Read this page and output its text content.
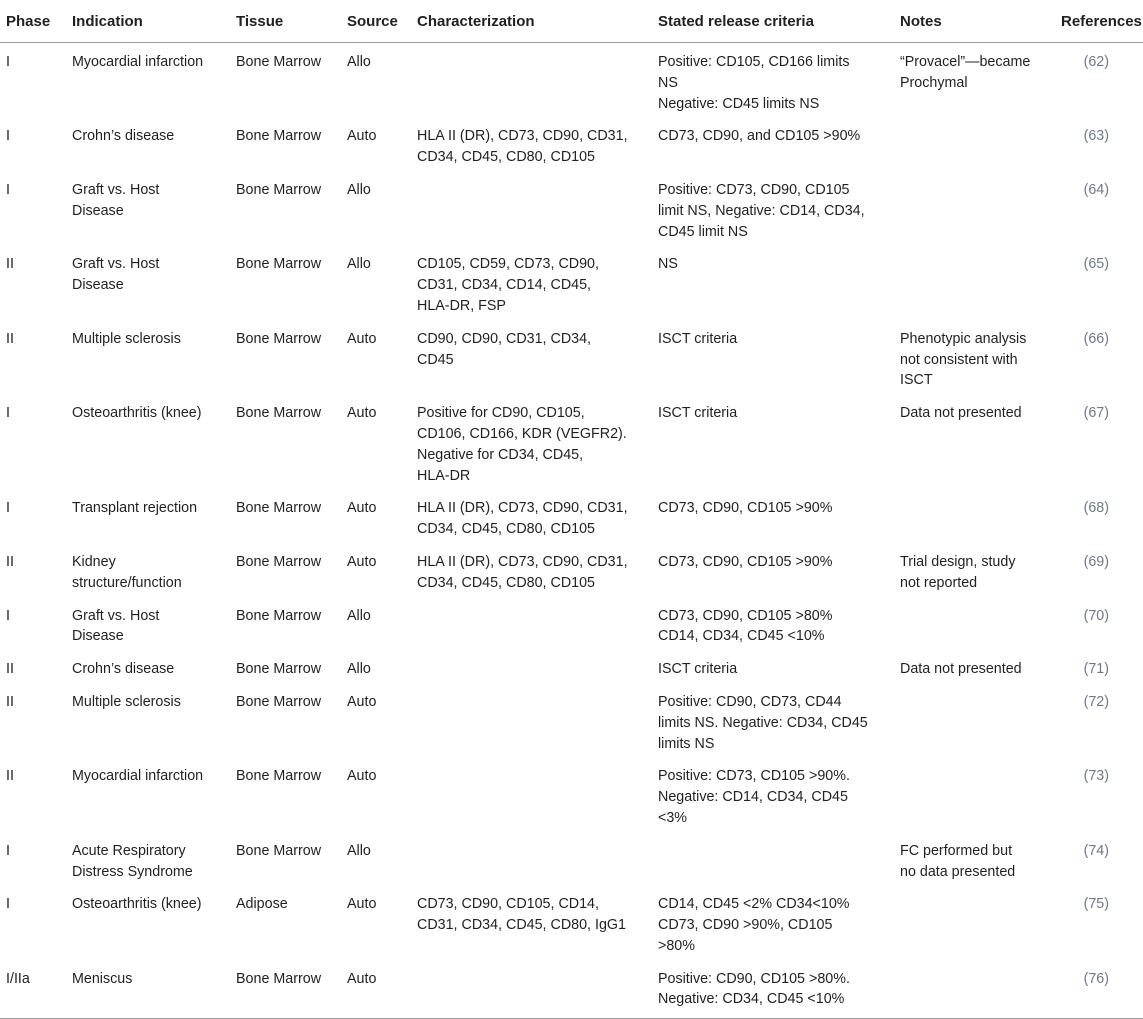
Phase	Indication	Tissue	Source	Characterization	Stated release criteria	Notes	References
I	Myocardial infarction	Bone Marrow	Allo		Positive: CD105, CD166 limits
NS
Negative: CD45 limits NS	“Provacel”—became
Prochymal	(62)
I	Crohn’s disease	Bone Marrow	Auto	HLA II (DR), CD73, CD90, CD31,
CD34, CD45, CD80, CD105	CD73, CD90, and CD105 >90%		(63)
I	Graft vs. Host
Disease	Bone Marrow	Allo		Positive: CD73, CD90, CD105
limit NS, Negative: CD14, CD34,
CD45 limit NS		(64)
II	Graft vs. Host
Disease	Bone Marrow	Allo	CD105, CD59, CD73, CD90,
CD31, CD34, CD14, CD45,
HLA-DR, FSP	NS		(65)
II	Multiple sclerosis	Bone Marrow	Auto	CD90, CD90, CD31, CD34,
CD45	ISCT criteria	Phenotypic analysis
not consistent with
ISCT	(66)
I	Osteoarthritis (knee)	Bone Marrow	Auto	Positive for CD90, CD105,
CD106, CD166, KDR (VEGFR2).
Negative for CD34, CD45,
HLA-DR	ISCT criteria	Data not presented	(67)
I	Transplant rejection	Bone Marrow	Auto	HLA II (DR), CD73, CD90, CD31,
CD34, CD45, CD80, CD105	CD73, CD90, CD105 >90%		(68)
II	Kidney
structure/function	Bone Marrow	Auto	HLA II (DR), CD73, CD90, CD31,
CD34, CD45, CD80, CD105	CD73, CD90, CD105 >90%	Trial design, study
not reported	(69)
I	Graft vs. Host
Disease	Bone Marrow	Allo		CD73, CD90, CD105 >80%
CD14, CD34, CD45 <10%		(70)
II	Crohn’s disease	Bone Marrow	Allo		ISCT criteria	Data not presented	(71)
II	Multiple sclerosis	Bone Marrow	Auto		Positive: CD90, CD73, CD44
limits NS. Negative: CD34, CD45
limits NS		(72)
II	Myocardial infarction	Bone Marrow	Auto		Positive: CD73, CD105 >90%.
Negative: CD14, CD34, CD45
<3%		(73)
I	Acute Respiratory
Distress Syndrome	Bone Marrow	Allo			FC performed but
no data presented	(74)
I	Osteoarthritis (knee)	Adipose	Auto	CD73, CD90, CD105, CD14,
CD31, CD34, CD45, CD80, IgG1	CD14, CD45 <2% CD34<10%
CD73, CD90 >90%, CD105
>80%		(75)
I/IIa	Meniscus	Bone Marrow	Auto		Positive: CD90, CD105 >80%.
Negative: CD34, CD45 <10%		(76)
